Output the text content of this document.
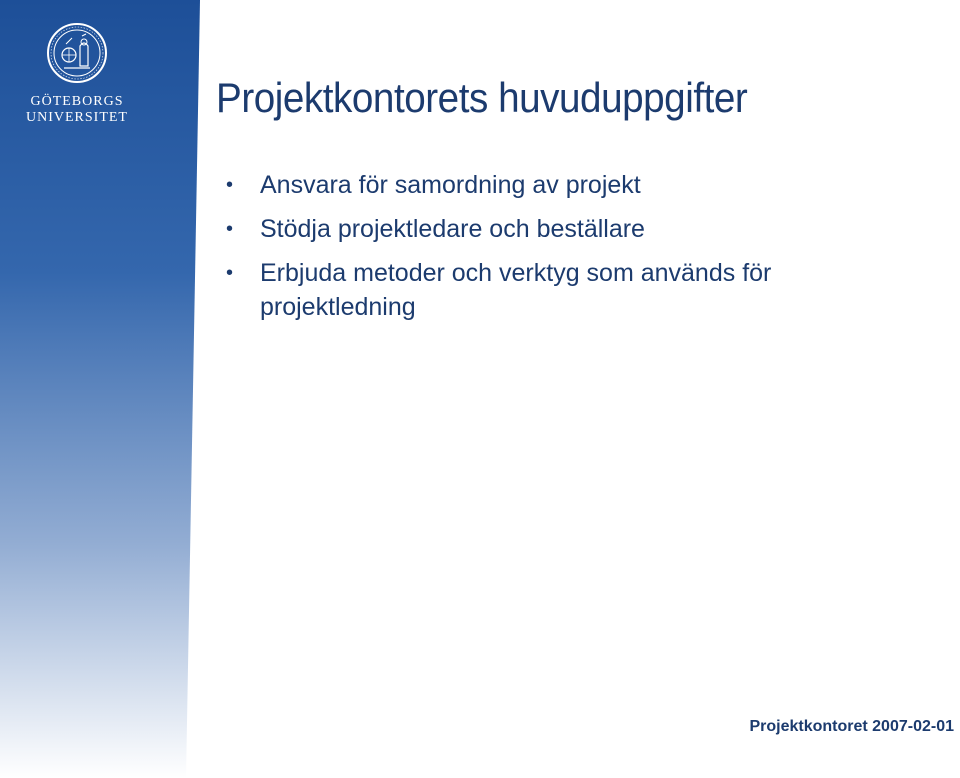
GÖTEBORGS
UNIVERSITET Projektkontorets huvuduppgifter
• Ansvara för samordning av projekt
• Stödja projektledare och beställare
• Erbjuda metoder och verktyg som används för projektledning
Projektkontoret 2007-02-01
